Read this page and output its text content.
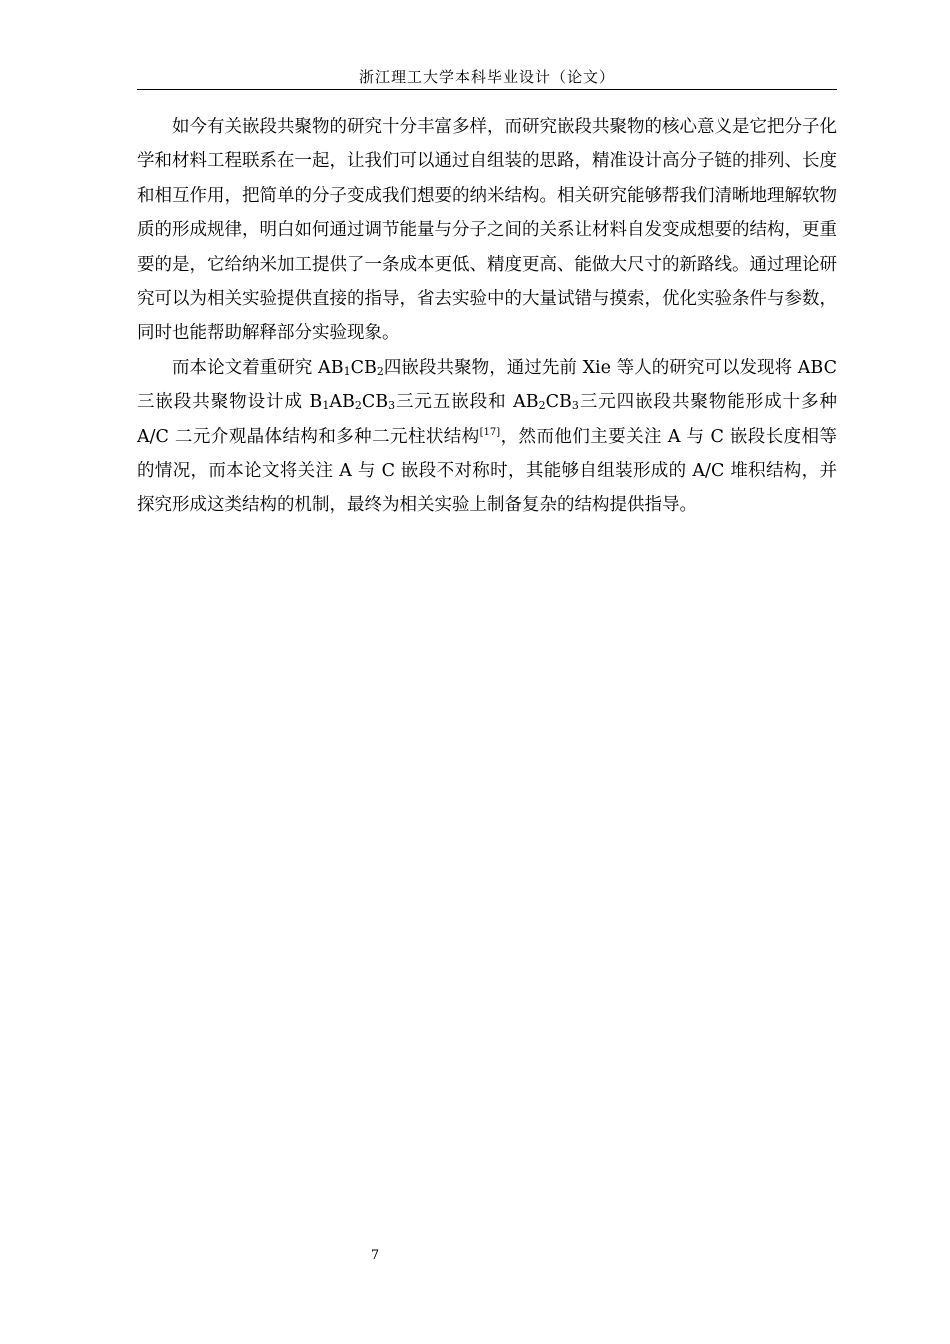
浙江理工大学本科毕业设计（论文）

如今有关嵌段共聚物的研究十分丰富多样，而研究嵌段共聚物的核心意义是它把分子化学和材料工程联系在一起，让我们可以通过自组装的思路，精准设计高分子链的排列、长度和相互作用，把简单的分子变成我们想要的纳米结构。相关研究能够帮我们清晰地理解软物质的形成规律，明白如何通过调节能量与分子之间的关系让材料自发变成想要的结构，更重要的是，它给纳米加工提供了一条成本更低、精度更高、能做大尺寸的新路线。通过理论研究可以为相关实验提供直接的指导，省去实验中的大量试错与摸索，优化实验条件与参数，同时也能帮助解释部分实验现象。

而本论文着重研究 $AB_1CB_2$四嵌段共聚物，通过先前 Xie 等人的研究可以发现将 ABC 三嵌段共聚物设计成 $B_1AB_2CB_3$三元五嵌段和 $AB_2CB_3$三元四嵌段共聚物能形成十多种 A/C 二元介观晶体结构和多种二元柱状结构[17]，然而他们主要关注 A 与 C 嵌段长度相等的情况，而本论文将关注 A 与 C 嵌段不对称时，其能够自组装形成的 A/C 堆积结构，并探究形成这类结构的机制，最终为相关实验上制备复杂的结构提供指导。

7
